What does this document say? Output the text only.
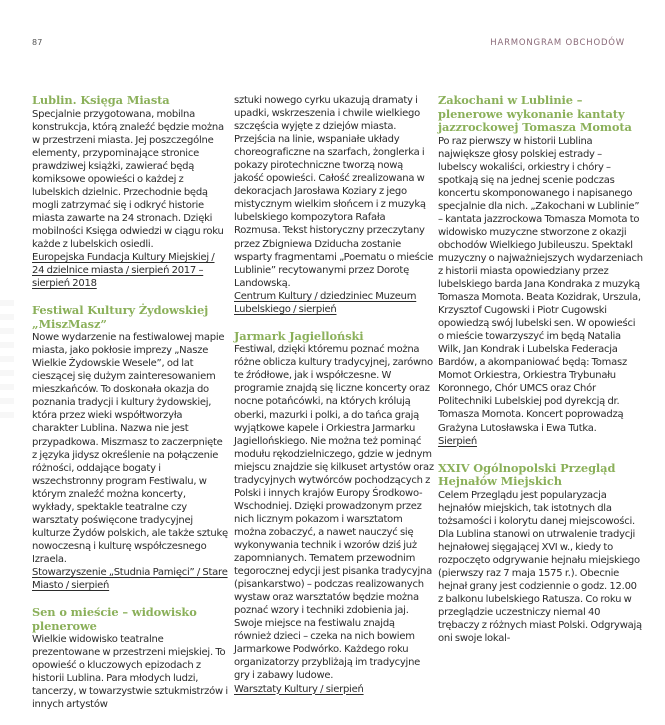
87	HARMONGRAM OBCHODÓW
Lublin. Księga Miasta

Specjalnie przygotowana, mobilna konstrukcja, którą znaleźć będzie można w przestrzeni miasta. Jej poszczególne elementy, przypominające stronice prawdziwej książki, zawierać będą komiksowe opowieści o każdej z lubelskich dzielnic. Przechodnie będą mogli zatrzymać się i odkryć historie miasta zawarte na 24 stronach. Dzięki mobilności Księga odwiedzi w ciągu roku każde z lubelskich osiedli.

Europejska Fundacja Kultury Miejskiej / 24 dzielnice miasta / sierpień 2017 – sierpień 2018

Festiwal Kultury Żydowskiej „MiszMasz”

Nowe wydarzenie na festiwalowej mapie miasta, jako pokłosie imprezy „Nasze Wielkie Żydowskie Wesele”, od lat cieszącej się dużym zainteresowaniem mieszkańców. To doskonała okazja do poznania tradycji i kultury żydowskiej, która przez wieki współtworzyła charakter Lublina. Nazwa nie jest przypadkowa. Miszmasz to zaczerpnięte z języka jidysz określenie na połączenie różności, oddające bogaty i wszechstronny program Festiwalu, w którym znaleźć można koncerty, wykłady, spektakle teatralne czy warsztaty poświęcone tradycyjnej kulturze Żydów polskich, ale także sztukę nowoczesną i kulturę współczesnego Izraela.

Stowarzyszenie „Studnia Pamięci” / Stare Miasto / sierpień

Sen o mieście – widowisko plenerowe

Wielkie widowisko teatralne prezentowane w przestrzeni miejskiej. To opowieść o kluczowych epizodach z historii Lublina. Para młodych ludzi, tancerzy, w towarzystwie sztukmistrzów i innych artystów

sztuki nowego cyrku ukazują dramaty i upadki, wskrzeszenia i chwile wielkiego szczęścia wyjęte z dziejów miasta. Przejścia na linie, wspaniałe układy choreograficzne na szarfach, żonglerka i pokazy pirotechniczne tworzą nową jakość opowieści. Całość zrealizowana w dekoracjach Jarosława Koziary z jego mistycznym wielkim słońcem i z muzyką lubelskiego kompozytora Rafała Rozmusa. Tekst historyczny przeczytany przez Zbigniewa Dziducha zostanie wsparty fragmentami „Poematu o mieście Lublinie” recytowanymi przez Dorotę Landowską.

Centrum Kultury / dziedziniec Muzeum Lubelskiego / sierpień

Jarmark Jagielloński

Festiwal, dzięki któremu poznać można różne oblicza kultury tradycyjnej, zarówno te źródłowe, jak i współczesne. W programie znajdą się liczne koncerty oraz nocne potańcówki, na których królują oberki, mazurki i polki, a do tańca grają wyjątkowe kapele i Orkiestra Jarmarku Jagiellońskiego. Nie można też pominąć modułu rękodzielniczego, gdzie w jednym miejscu znajdzie się kilkuset artystów oraz tradycyjnych wytwórców pochodzących z Polski i innych krajów Europy Środkowo-Wschodniej. Dzięki prowadzonym przez nich licznym pokazom i warsztatom można zobaczyć, a nawet nauczyć się wykonywania technik i wzorów dziś już zapomnianych. Tematem przewodnim tegorocznej edycji jest pisanka tradycyjna (pisankarstwo) – podczas realizowanych wystaw oraz warsztatów będzie można poznać wzory i techniki zdobienia jaj. Swoje miejsce na festiwalu znajdą również dzieci – czeka na nich bowiem Jarmarkowe Podwórko. Każdego roku organizatorzy przybliżają im tradycyjne gry i zabawy ludowe.

Warsztaty Kultury / sierpień

Zakochani w Lublinie – plenerowe wykonanie kantaty jazzrockowej Tomasza Momota

Po raz pierwszy w historii Lublina największe głosy polskiej estrady – lubelscy wokaliści, orkiestry i chóry – spotkają się na jednej scenie podczas koncertu skomponowanego i napisanego specjalnie dla nich. „Zakochani w Lublinie” – kantata jazzrockowa Tomasza Momota to widowisko muzyczne stworzone z okazji obchodów Wielkiego Jubileuszu. Spektakl muzyczny o najważniejszych wydarzeniach z historii miasta opowiedziany przez lubelskiego barda Jana Kondraka z muzyką Tomasza Momota. Beata Kozidrak, Urszula, Krzysztof Cugowski i Piotr Cugowski opowiedzą swój lubelski sen. W opowieści o mieście towarzyszyć im będą Natalia Wilk, Jan Kondrak i Lubelska Federacja Bardów, a akompaniować będą: Tomasz Momot Orkiestra, Orkiestra Trybunału Koronnego, Chór UMCS oraz Chór Politechniki Lubelskiej pod dyrekcją dr. Tomasza Momota. Koncert poprowadzą Grażyna Lutosławska i Ewa Tutka.

Sierpień

XXIV Ogólnopolski Przegląd Hejnałów Miejskich

Celem Przeglądu jest popularyzacja hejnałów miejskich, tak istotnych dla tożsamości i kolorytu danej miejscowości. Dla Lublina stanowi on utrwalenie tradycji hejnałowej sięgającej XVI w., kiedy to rozpoczęto odgrywanie hejnału miejskiego (pierwszy raz 7 maja 1575 r.). Obecnie hejnał grany jest codziennie o godz. 12.00 z balkonu lubelskiego Ratusza. Co roku w przeglądzie uczestniczy niemal 40 trębaczy z różnych miast Polski. Odgrywają oni swoje lokal-
